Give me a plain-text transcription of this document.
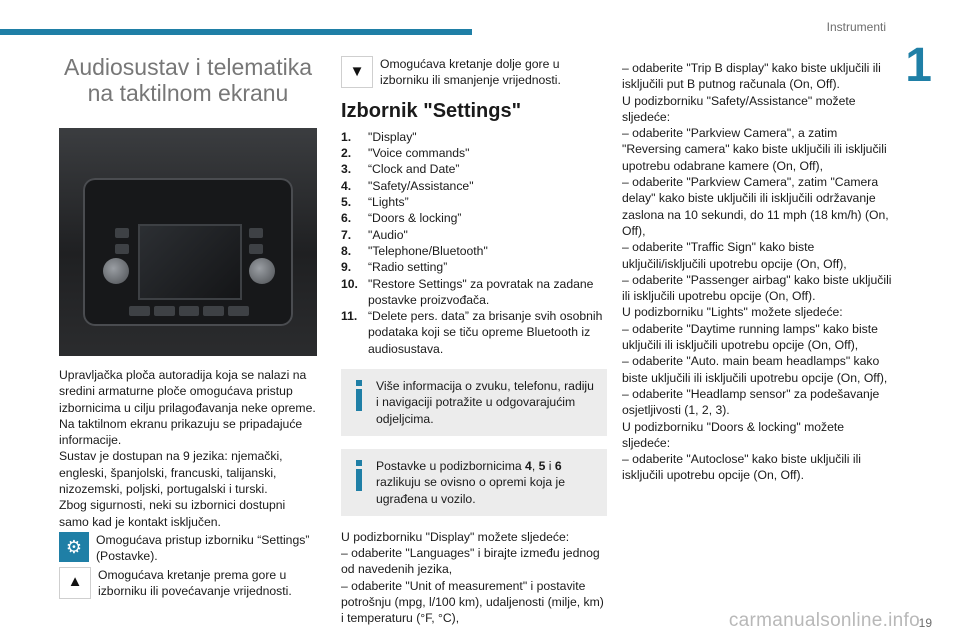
Instrumenti
1
Audiosustav i telematika
na taktilnom ekranu

Upravljačka ploča autoradija koja se nalazi na sredini armaturne ploče omogućava pristup izbornicima u cilju prilagođavanja neke opreme.

Na taktilnom ekranu prikazuju se pripadajuće informacije.

Sustav je dostupan na 9 jezika: njemački, engleski, španjolski, francuski, talijanski, nizozemski, poljski, portugalski i turski.

Zbog sigurnosti, neki su izbornici dostupni samo kad je kontakt isključen.

⚙	Omogućava pristup izborniku “Settings” (Postavke).
▲	Omogućava kretanje prema gore u izborniku ili povećavanje vrijednosti.
▼	Omogućava kretanje dolje gore u izborniku ili smanjenje vrijednosti.
Izbornik "Settings"
1.	"Display"
2.	"Voice commands"
3.	“Clock and Date”
4.	"Safety/Assistance"
5.	“Lights”
6.	“Doors & locking”
7.	"Audio"
8.	"Telephone/Bluetooth"
9.	“Radio setting”
10. "Restore Settings" za povratak na zadane postavke proizvođača.
11. “Delete pers. data” za brisanje svih osobnih podataka koji se tiču opreme Bluetooth iz audiosustava.
Više informacija o zvuku, telefonu, radiju i navigaciji potražite u odgovarajućim odjeljcima.
Postavke u podizbornicima 4, 5 i 6 razlikuju se ovisno o opremi koja je ugrađena u vozilo.

U podizborniku "Display" možete sljedeće:

– odaberite "Languages" i birajte između jednog od navedenih jezika,

– odaberite "Unit of measurement" i postavite potrošnju (mpg, l/100 km), udaljenosti (milje, km) i temperaturu (°F, °C),

– odaberite "Trip B display" kako biste uključili ili isključili put B putnog računala (On, Off).

U podizborniku "Safety/Assistance" možete sljedeće:

– odaberite "Parkview Camera", a zatim "Reversing camera" kako biste uključili ili isključili upotrebu odabrane kamere (On, Off),

– odaberite "Parkview Camera", zatim "Camera delay" kako biste uključili ili isključili održavanje zaslona na 10 sekundi, do 11 mph (18 km/h) (On, Off),

– odaberite "Traffic Sign" kako biste uključili/isključili upotrebu opcije (On, Off),

– odaberite "Passenger airbag" kako biste uključili ili isključili upotrebu opcije (On, Off).

U podizborniku "Lights" možete sljedeće:

– odaberite "Daytime running lamps" kako biste uključili ili isključili upotrebu opcije (On, Off),

– odaberite "Auto. main beam headlamps" kako biste uključili ili isključili upotrebu opcije (On, Off),

– odaberite "Headlamp sensor" za podešavanje osjetljivosti (1, 2, 3).

U podizborniku "Doors & locking" možete sljedeće:

– odaberite "Autoclose" kako biste uključili ili isključili upotrebu opcije (On, Off).

carmanualsonline.info
19
